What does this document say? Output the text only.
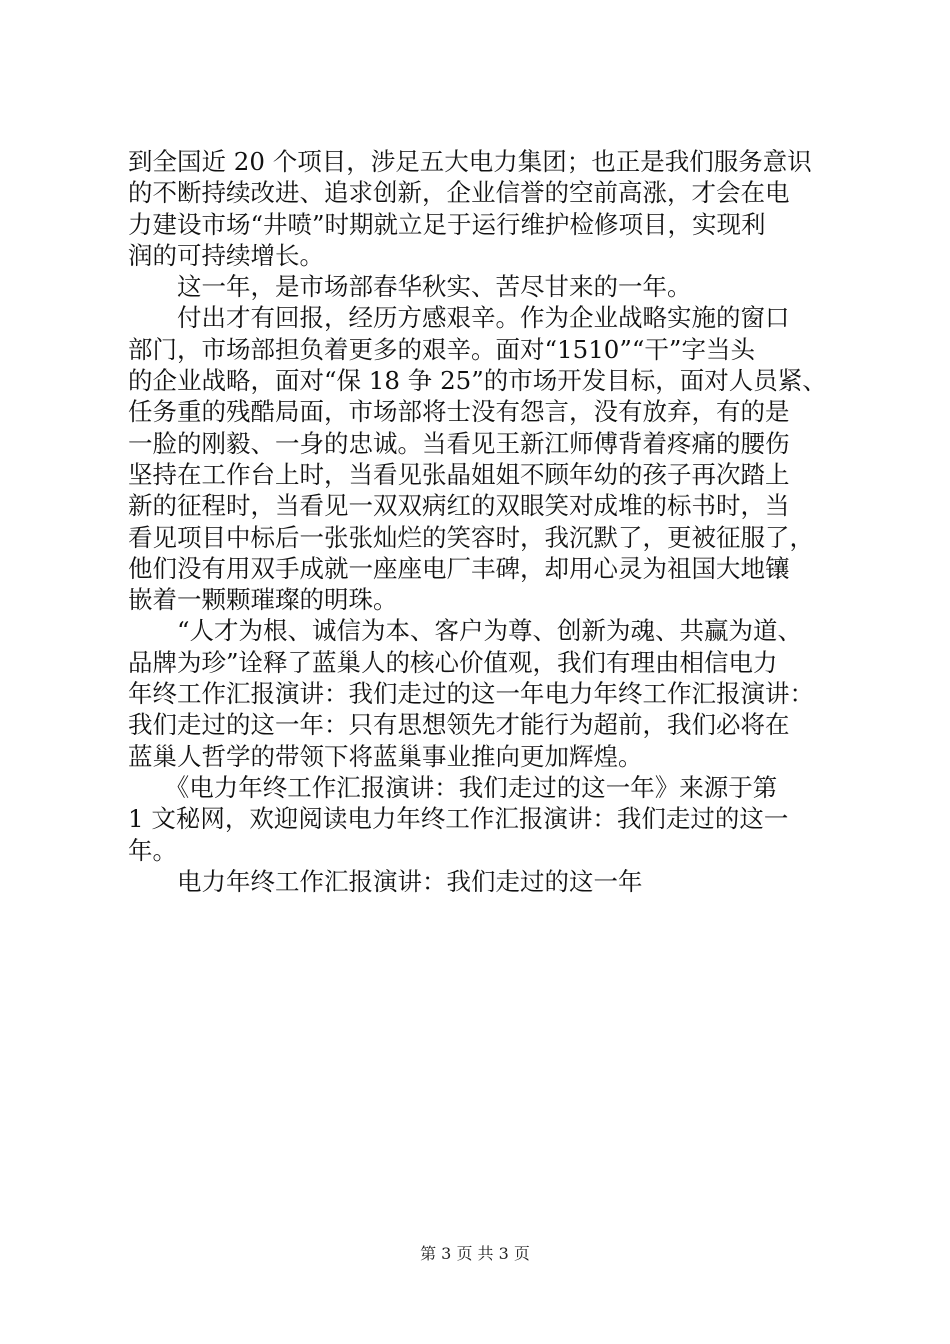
到全国近 20 个项目，涉足五大电力集团；也正是我们服务意识
的不断持续改进、追求创新，企业信誉的空前高涨，才会在电
力建设市场“井喷”时期就立足于运行维护检修项目，实现利
润的可持续增长。
　　这一年，是市场部春华秋实、苦尽甘来的一年。
　　付出才有回报，经历方感艰辛。作为企业战略实施的窗口
部门，市场部担负着更多的艰辛。面对“1510”“干”字当头
的企业战略，面对“保 18 争 25”的市场开发目标，面对人员紧、
任务重的残酷局面，市场部将士没有怨言，没有放弃，有的是
一脸的刚毅、一身的忠诚。当看见王新江师傅背着疼痛的腰伤
坚持在工作台上时，当看见张晶姐姐不顾年幼的孩子再次踏上
新的征程时，当看见一双双病红的双眼笑对成堆的标书时，当
看见项目中标后一张张灿烂的笑容时，我沉默了，更被征服了，
他们没有用双手成就一座座电厂丰碑，却用心灵为祖国大地镶
嵌着一颗颗璀璨的明珠。
　　“人才为根、诚信为本、客户为尊、创新为魂、共赢为道、
品牌为珍”诠释了蓝巢人的核心价值观，我们有理由相信电力
年终工作汇报演讲：我们走过的这一年电力年终工作汇报演讲：
我们走过的这一年：只有思想领先才能行为超前，我们必将在
蓝巢人哲学的带领下将蓝巢事业推向更加辉煌。
　　《电力年终工作汇报演讲：我们走过的这一年》来源于第
1 文秘网，欢迎阅读电力年终工作汇报演讲：我们走过的这一
年。
　　电力年终工作汇报演讲：我们走过的这一年
第 3 页 共 3 页
